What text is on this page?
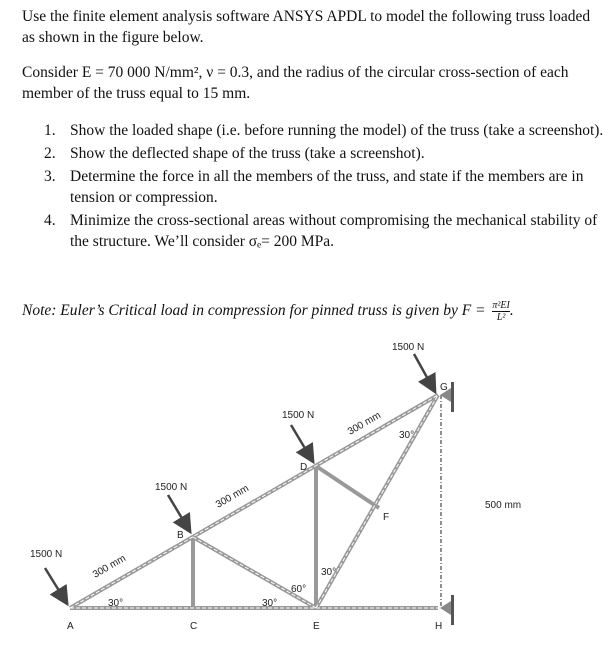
Use the finite element analysis software ANSYS APDL to model the following truss loaded as shown in the figure below.
Consider E = 70 000 N/mm², ν = 0.3, and the radius of the circular cross-section of each member of the truss equal to 15 mm.
1. Show the loaded shape (i.e. before running the model) of the truss (take a screenshot).
2. Show the deflected shape of the truss (take a screenshot).
3. Determine the force in all the members of the truss, and state if the members are in tension or compression.
4. Minimize the cross-sectional areas without compromising the mechanical stability of the structure. We’ll consider σₑ= 200 MPa.
Note: Euler’s Critical load in compression for pinned truss is given by $F = \frac{\text{π²EI}}{\text{L²}}$ .
1500 N
1500 N
1500 N
1500 N
300 mm
300 mm
300 mm
500 mm
30°	30°
60°
30°
30°
A
B
C
D
E
F
G
H
